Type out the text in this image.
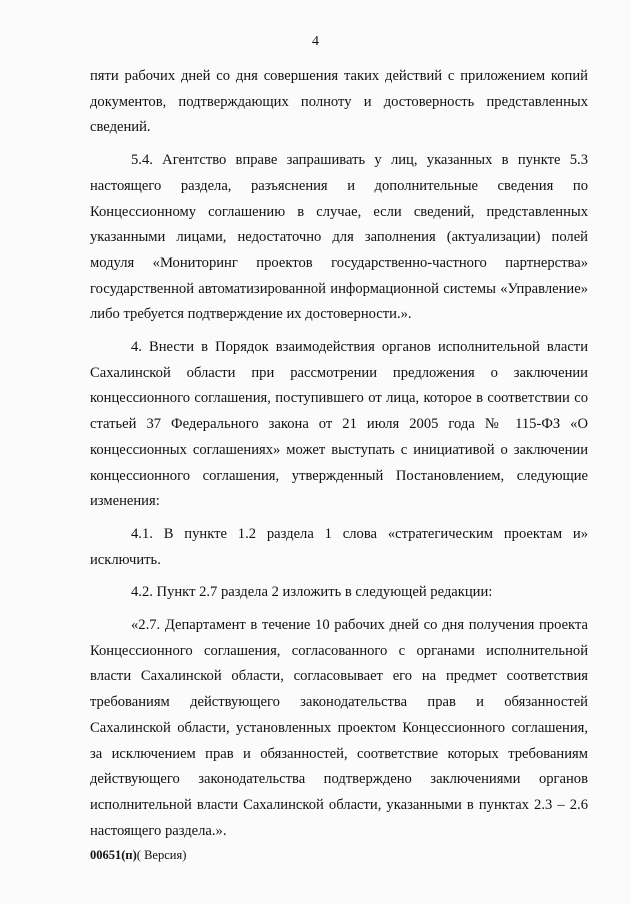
4

пяти рабочих дней со дня совершения таких действий с приложением копий документов, подтверждающих полноту и достоверность представленных сведений.

5.4. Агентство вправе запрашивать у лиц, указанных в пункте 5.3 настоящего раздела, разъяснения и дополнительные сведения по Концессионному соглашению в случае, если сведений, представленных указанными лицами, недостаточно для заполнения (актуализации) полей модуля «Мониторинг проектов государственно-частного партнерства» государственной автоматизированной информационной системы «Управление» либо требуется подтверждение их достоверности.».

4. Внести в Порядок взаимодействия органов исполнительной власти Сахалинской области при рассмотрении предложения о заключении концессионного соглашения, поступившего от лица, которое в соответствии со статьей 37 Федерального закона от 21 июля 2005 года № 115-ФЗ «О концессионных соглашениях» может выступать с инициативой о заключении концессионного соглашения, утвержденный Постановлением, следующие изменения:

4.1. В пункте 1.2 раздела 1 слова «стратегическим проектам и» исключить.

4.2. Пункт 2.7 раздела 2 изложить в следующей редакции:

«2.7. Департамент в течение 10 рабочих дней со дня получения проекта Концессионного соглашения, согласованного с органами исполнительной власти Сахалинской области, согласовывает его на предмет соответствия требованиям действующего законодательства прав и обязанностей Сахалинской области, установленных проектом Концессионного соглашения, за исключением прав и обязанностей, соответствие которых требованиям действующего законодательства подтверждено заключениями органов исполнительной власти Сахалинской области, указанными в пунктах 2.3 – 2.6 настоящего раздела.».

00651(п)( Версия)
